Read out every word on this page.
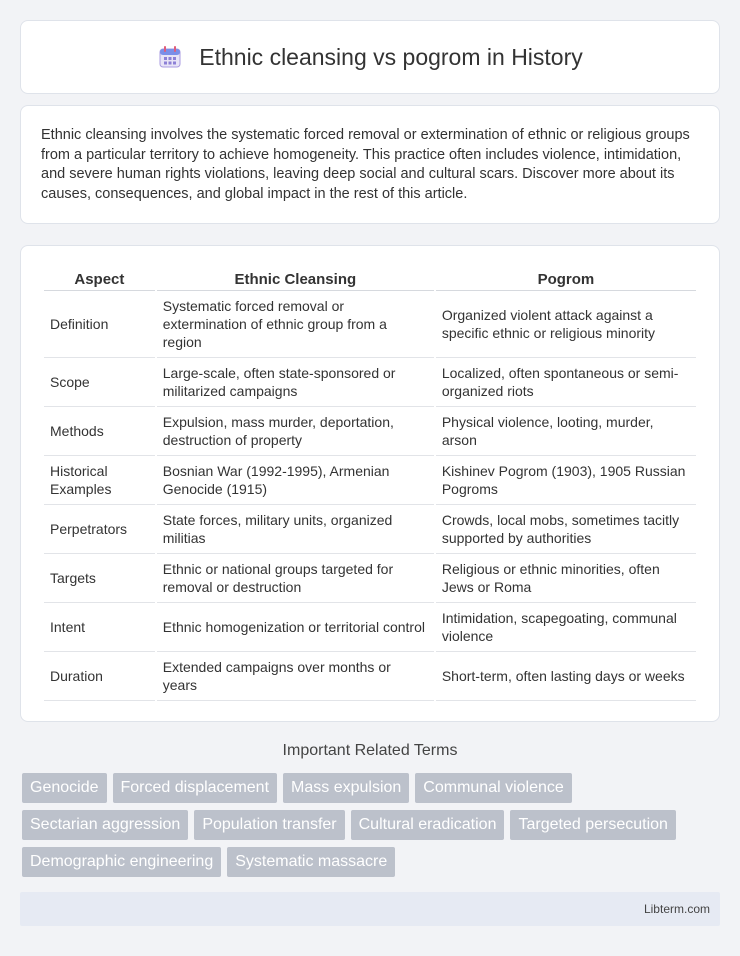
Ethnic cleansing vs pogrom in History

Ethnic cleansing involves the systematic forced removal or extermination of ethnic or religious groups from a particular territory to achieve homogeneity. This practice often includes violence, intimidation, and severe human rights violations, leaving deep social and cultural scars. Discover more about its causes, consequences, and global impact in the rest of this article.

Aspect	Ethnic Cleansing	Pogrom
Definition	Systematic forced removal or extermination of ethnic group from a region	Organized violent attack against a specific ethnic or religious minority
Scope	Large-scale, often state-sponsored or militarized campaigns	Localized, often spontaneous or semi-organized riots
Methods	Expulsion, mass murder, deportation, destruction of property	Physical violence, looting, murder, arson
Historical Examples	Bosnian War (1992-1995), Armenian Genocide (1915)	Kishinev Pogrom (1903), 1905 Russian Pogroms
Perpetrators	State forces, military units, organized militias	Crowds, local mobs, sometimes tacitly supported by authorities
Targets	Ethnic or national groups targeted for removal or destruction	Religious or ethnic minorities, often Jews or Roma
Intent	Ethnic homogenization or territorial control	Intimidation, scapegoating, communal violence
Duration	Extended campaigns over months or years	Short-term, often lasting days or weeks
Important Related Terms
Genocide	Forced displacement	Mass expulsion	Communal violence
Sectarian aggression	Population transfer	Cultural eradication	Targeted persecution
Demographic engineering	Systematic massacre
Libterm.com
